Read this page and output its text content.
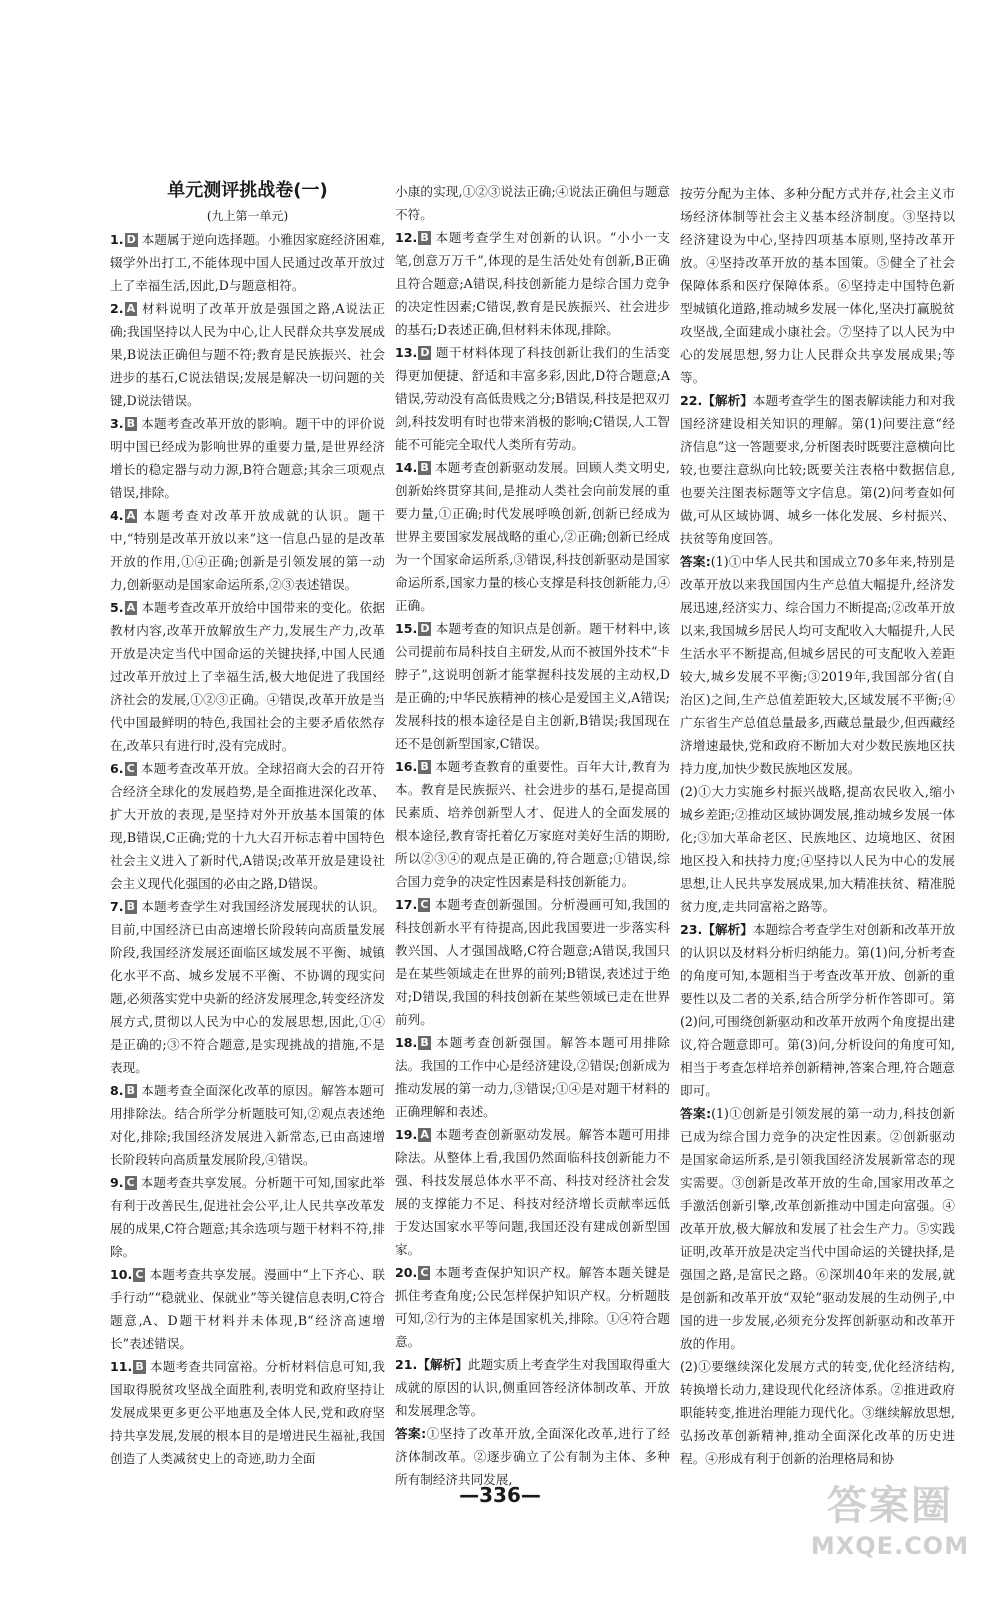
单元测评挑战卷(一)
(九上第一单元)

1. D 本题属于逆向选择题。小雅因家庭经济困难,辍学外出打工,不能体现中国人民通过改革开放过上了幸福生活,因此,D与题意相符。

2. A 材料说明了改革开放是强国之路,A说法正确;我国坚持以人民为中心,让人民群众共享发展成果,B说法正确但与题不符;教育是民族振兴、社会进步的基石,C说法错误;发展是解决一切问题的关键,D说法错误。

3. B 本题考查改革开放的影响。题干中的评价说明中国已经成为影响世界的重要力量,是世界经济增长的稳定器与动力源,B符合题意;其余三项观点错误,排除。

4. A 本题考查对改革开放成就的认识。题干中,“特别是改革开放以来”这一信息凸显的是改革开放的作用,①④正确;创新是引领发展的第一动力,创新驱动是国家命运所系,②③表述错误。

5. A 本题考查改革开放给中国带来的变化。依据教材内容,改革开放解放生产力,发展生产力,改革开放是决定当代中国命运的关键抉择,中国人民通过改革开放过上了幸福生活,极大地促进了我国经济社会的发展,①②③正确。④错误,改革开放是当代中国最鲜明的特色,我国社会的主要矛盾依然存在,改革只有进行时,没有完成时。

6. C 本题考查改革开放。全球招商大会的召开符合经济全球化的发展趋势,是全面推进深化改革、扩大开放的表现,是坚持对外开放基本国策的体现,B错误,C正确;党的十九大召开标志着中国特色社会主义进入了新时代,A错误;改革开放是建设社会主义现代化强国的必由之路,D错误。

7. B 本题考查学生对我国经济发展现状的认识。目前,中国经济已由高速增长阶段转向高质量发展阶段,我国经济发展还面临区域发展不平衡、城镇化水平不高、城乡发展不平衡、不协调的现实问题,必须落实党中央新的经济发展理念,转变经济发展方式,贯彻以人民为中心的发展思想,因此,①④是正确的;③不符合题意,是实现挑战的措施,不是表现。

8. B 本题考查全面深化改革的原因。解答本题可用排除法。结合所学分析题肢可知,②观点表述绝对化,排除;我国经济发展进入新常态,已由高速增长阶段转向高质量发展阶段,④错误。

9. C 本题考查共享发展。分析题干可知,国家此举有利于改善民生,促进社会公平,让人民共享改革发展的成果,C符合题意;其余选项与题干材料不符,排除。

10. C 本题考查共享发展。漫画中“上下齐心、联手行动”“稳就业、保就业”等关键信息表明,C符合题意,A、D题干材料并未体现,B“经济高速增长”表述错误。

11. B 本题考查共同富裕。分析材料信息可知,我国取得脱贫攻坚战全面胜利,表明党和政府坚持让发展成果更多更公平地惠及全体人民,党和政府坚持共享发展,发展的根本目的是增进民生福祉,我国创造了人类减贫史上的奇迹,助力全面

小康的实现,①②③说法正确;④说法正确但与题意不符。

12. B 本题考查学生对创新的认识。“小小一支笔,创意万万千”,体现的是生活处处有创新,B正确且符合题意;A错误,科技创新能力是综合国力竞争的决定性因素;C错误,教育是民族振兴、社会进步的基石;D表述正确,但材料未体现,排除。

13. D 题干材料体现了科技创新让我们的生活变得更加便捷、舒适和丰富多彩,因此,D符合题意;A错误,劳动没有高低贵贱之分;B错误,科技是把双刃剑,科技发明有时也带来消极的影响;C错误,人工智能不可能完全取代人类所有劳动。

14. B 本题考查创新驱动发展。回顾人类文明史,创新始终贯穿其间,是推动人类社会向前发展的重要力量,①正确;时代发展呼唤创新,创新已经成为世界主要国家发展战略的重心,②正确;创新已经成为一个国家命运所系,③错误,科技创新驱动是国家命运所系,国家力量的核心支撑是科技创新能力,④正确。

15. D 本题考查的知识点是创新。题干材料中,该公司提前布局科技自主研发,从而不被国外技术“卡脖子”,这说明创新才能掌握科技发展的主动权,D是正确的;中华民族精神的核心是爱国主义,A错误;发展科技的根本途径是自主创新,B错误;我国现在还不是创新型国家,C错误。

16. B 本题考查教育的重要性。百年大计,教育为本。教育是民族振兴、社会进步的基石,是提高国民素质、培养创新型人才、促进人的全面发展的根本途径,教育寄托着亿万家庭对美好生活的期盼,所以②③④的观点是正确的,符合题意;①错误,综合国力竞争的决定性因素是科技创新能力。

17. C 本题考查创新强国。分析漫画可知,我国的科技创新水平有待提高,因此我国要进一步落实科教兴国、人才强国战略,C符合题意;A错误,我国只是在某些领域走在世界的前列;B错误,表述过于绝对;D错误,我国的科技创新在某些领域已走在世界前列。

18. B 本题考查创新强国。解答本题可用排除法。我国的工作中心是经济建设,②错误;创新成为推动发展的第一动力,③错误;①④是对题干材料的正确理解和表述。

19. A 本题考查创新驱动发展。解答本题可用排除法。从整体上看,我国仍然面临科技创新能力不强、科技发展总体水平不高、科技对经济社会发展的支撑能力不足、科技对经济增长贡献率远低于发达国家水平等问题,我国还没有建成创新型国家。

20. C 本题考查保护知识产权。解答本题关键是抓住考查角度;公民怎样保护知识产权。分析题肢可知,②行为的主体是国家机关,排除。①④符合题意。

21.【解析】此题实质上考查学生对我国取得重大成就的原因的认识,侧重回答经济体制改革、开放和发展理念等。

答案:①坚持了改革开放,全面深化改革,进行了经济体制改革。②逐步确立了公有制为主体、多种所有制经济共同发展,

按劳分配为主体、多种分配方式并存,社会主义市场经济体制等社会主义基本经济制度。③坚持以经济建设为中心,坚持四项基本原则,坚持改革开放。④坚持改革开放的基本国策。⑤健全了社会保障体系和医疗保障体系。⑥坚持走中国特色新型城镇化道路,推动城乡发展一体化,坚决打赢脱贫攻坚战,全面建成小康社会。⑦坚持了以人民为中心的发展思想,努力让人民群众共享发展成果;等等。

22.【解析】本题考查学生的图表解读能力和对我国经济建设相关知识的理解。第(1)问要注意“经济信息”这一答题要求,分析图表时既要注意横向比较,也要注意纵向比较;既要关注表格中数据信息,也要关注图表标题等文字信息。第(2)问考查如何做,可从区域协调、城乡一体化发展、乡村振兴、扶贫等角度回答。

答案:(1)①中华人民共和国成立70多年来,特别是改革开放以来我国国内生产总值大幅提升,经济发展迅速,经济实力、综合国力不断提高;②改革开放以来,我国城乡居民人均可支配收入大幅提升,人民生活水平不断提高,但城乡居民的可支配收入差距较大,城乡发展不平衡;③2019年,我国部分省(自治区)之间,生产总值差距较大,区域发展不平衡;④广东省生产总值总量最多,西藏总量最少,但西藏经济增速最快,党和政府不断加大对少数民族地区扶持力度,加快少数民族地区发展。

(2)①大力实施乡村振兴战略,提高农民收入,缩小城乡差距;②推动区域协调发展,推动城乡发展一体化;③加大革命老区、民族地区、边境地区、贫困地区投入和扶持力度;④坚持以人民为中心的发展思想,让人民共享发展成果,加大精准扶贫、精准脱贫力度,走共同富裕之路等。

23.【解析】本题综合考查学生对创新和改革开放的认识以及材料分析归纳能力。第(1)问,分析考查的角度可知,本题相当于考查改革开放、创新的重要性以及二者的关系,结合所学分析作答即可。第(2)问,可围绕创新驱动和改革开放两个角度提出建议,符合题意即可。第(3)问,分析设问的角度可知,相当于考查怎样培养创新精神,答案合理,符合题意即可。

答案:(1)①创新是引领发展的第一动力,科技创新已成为综合国力竞争的决定性因素。②创新驱动是国家命运所系,是引领我国经济发展新常态的现实需要。③创新是改革开放的生命,国家用改革之手激活创新引擎,改革创新推动中国走向富强。④改革开放,极大解放和发展了社会生产力。⑤实践证明,改革开放是决定当代中国命运的关键抉择,是强国之路,是富民之路。⑥深圳40年来的发展,就是创新和改革开放“双轮”驱动发展的生动例子,中国的进一步发展,必须充分发挥创新驱动和改革开放的作用。

(2)①要继续深化发展方式的转变,优化经济结构,转换增长动力,建设现代化经济体系。②推进政府职能转变,推进治理能力现代化。③继续解放思想,弘扬改革创新精神,推动全面深化改革的历史进程。④形成有利于创新的治理格局和协

—336—	答案圈
MXQE.COM
